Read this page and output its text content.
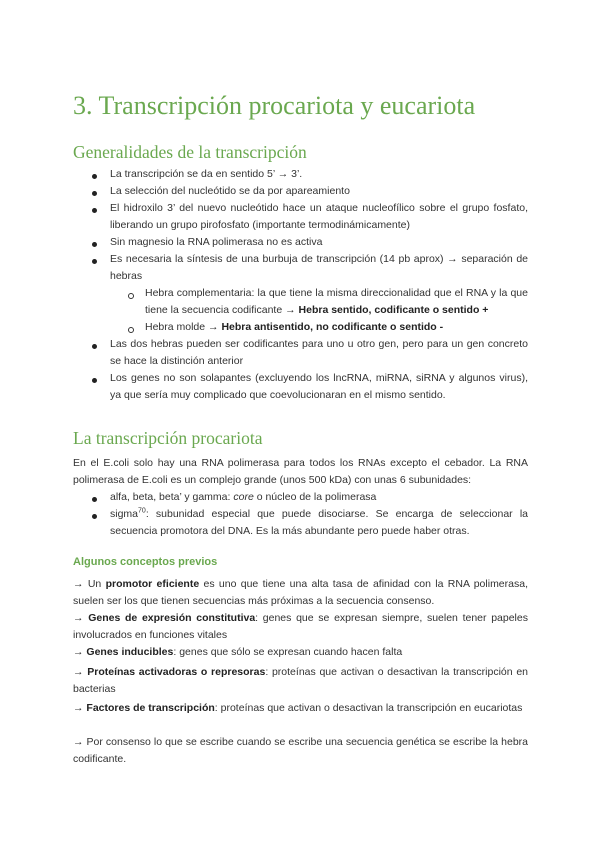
3. Transcripción procariota y eucariota
Generalidades de la transcripción
La transcripción se da en sentido 5’ → 3’.
La selección del nucleótido se da por apareamiento
El hidroxilo 3’ del nuevo nucleótido hace un ataque nucleofílico sobre el grupo fosfato, liberando un grupo pirofosfato (importante termodinámicamente)
Sin magnesio la RNA polimerasa no es activa
Es necesaria la síntesis de una burbuja de transcripción (14 pb aprox) → separación de hebras
Hebra complementaria: la que tiene la misma direccionalidad que el RNA y la que tiene la secuencia codificante → Hebra sentido, codificante o sentido +
Hebra molde → Hebra antisentido, no codificante o sentido -
Las dos hebras pueden ser codificantes para uno u otro gen, pero para un gen concreto se hace la distinción anterior
Los genes no son solapantes (excluyendo los lncRNA, miRNA, siRNA y algunos virus), ya que sería muy complicado que coevolucionaran en el mismo sentido.
La transcripción procariota
En el E.coli solo hay una RNA polimerasa para todos los RNAs excepto el cebador. La RNA polimerasa de E.coli es un complejo grande (unos 500 kDa) con unas 6 subunidades:
alfa, beta, beta’ y gamma: core o núcleo de la polimerasa
sigma$^{70}$: subunidad especial que puede disociarse. Se encarga de seleccionar la secuencia promotora del DNA. Es la más abundante pero puede haber otras.
Algunos conceptos previos
→ Un promotor eficiente es uno que tiene una alta tasa de afinidad con la RNA polimerasa, suelen ser los que tienen secuencias más próximas a la secuencia consenso.
→ Genes de expresión constitutiva: genes que se expresan siempre, suelen tener papeles involucrados en funciones vitales
→ Genes inducibles: genes que sólo se expresan cuando hacen falta
→ Proteínas activadoras o represoras: proteínas que activan o desactivan la transcripción en bacterias
→ Factores de transcripción: proteínas que activan o desactivan la transcripción en eucariotas
→ Por consenso lo que se escribe cuando se escribe una secuencia genética se escribe la hebra codificante.
